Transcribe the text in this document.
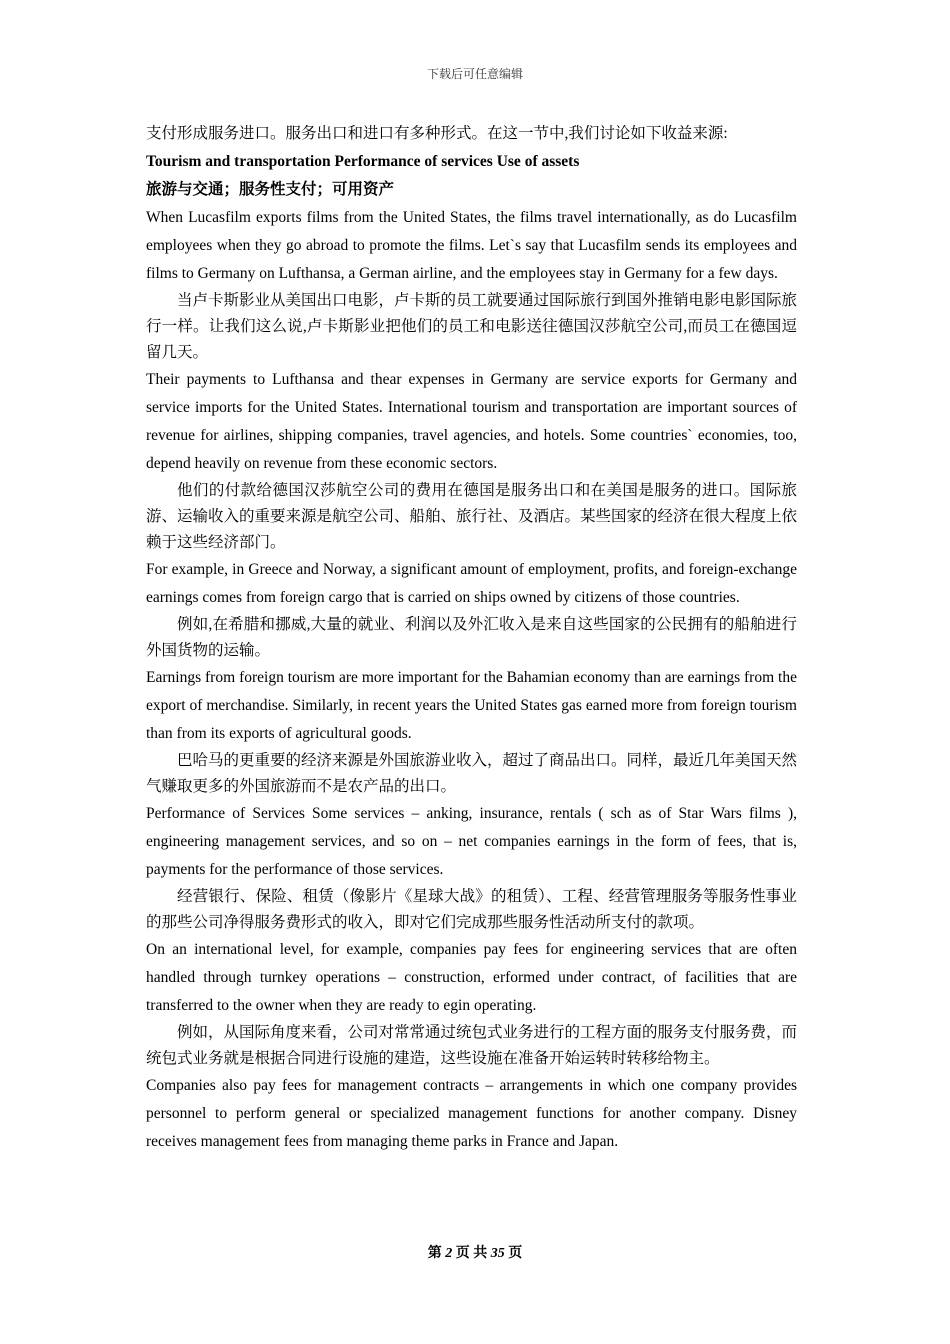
下载后可任意编辑

支付形成服务进口。服务出口和进口有多种形式。在这一节中,我们讨论如下收益来源:

Tourism and transportation Performance of services Use of assets

旅游与交通；服务性支付；可用资产

When Lucasfilm exports films from the United States, the films travel internationally, as do Lucasfilm employees when they go abroad to promote the films. Let`s say that Lucasfilm sends its employees and films to Germany on Lufthansa, a German airline, and the employees stay in Germany for a few days.

当卢卡斯影业从美国出口电影，卢卡斯的员工就要通过国际旅行到国外推销电影电影国际旅行一样。让我们这么说,卢卡斯影业把他们的员工和电影送往德国汉莎航空公司,而员工在德国逗留几天。

Their payments to Lufthansa and thear expenses in Germany are service exports for Germany and service imports for the United States. International tourism and transportation are important sources of revenue for airlines, shipping companies, travel agencies, and hotels. Some countries` economies, too, depend heavily on revenue from these economic sectors.

他们的付款给德国汉莎航空公司的费用在德国是服务出口和在美国是服务的进口。国际旅游、运输收入的重要来源是航空公司、船舶、旅行社、及酒店。某些国家的经济在很大程度上依赖于这些经济部门。

For example, in Greece and Norway, a significant amount of employment, profits, and foreign-exchange earnings comes from foreign cargo that is carried on ships owned by citizens of those countries.

例如,在希腊和挪威,大量的就业、利润以及外汇收入是来自这些国家的公民拥有的船舶进行外国货物的运输。

Earnings from foreign tourism are more important for the Bahamian economy than are earnings from the export of merchandise. Similarly, in recent years the United States gas earned more from foreign tourism than from its exports of agricultural goods.

巴哈马的更重要的经济来源是外国旅游业收入，超过了商品出口。同样，最近几年美国天然气赚取更多的外国旅游而不是农产品的出口。

Performance of Services Some services – anking, insurance, rentals ( sch as of Star Wars films ), engineering management services, and so on – net companies earnings in the form of fees, that is, payments for the performance of those services.

经营银行、保险、租赁（像影片《星球大战》的租赁）、工程、经营管理服务等服务性事业的那些公司净得服务费形式的收入，即对它们完成那些服务性活动所支付的款项。

On an international level, for example, companies pay fees for engineering services that are often handled through turnkey operations – construction, erformed under contract, of facilities that are transferred to the owner when they are ready to egin operating.

例如，从国际角度来看，公司对常常通过统包式业务进行的工程方面的服务支付服务费，而统包式业务就是根据合同进行设施的建造，这些设施在准备开始运转时转移给物主。

Companies also pay fees for management contracts – arrangements in which one company provides personnel to perform general or specialized management functions for another company. Disney receives management fees from managing theme parks in France and Japan.

第 2 页 共 35 页
